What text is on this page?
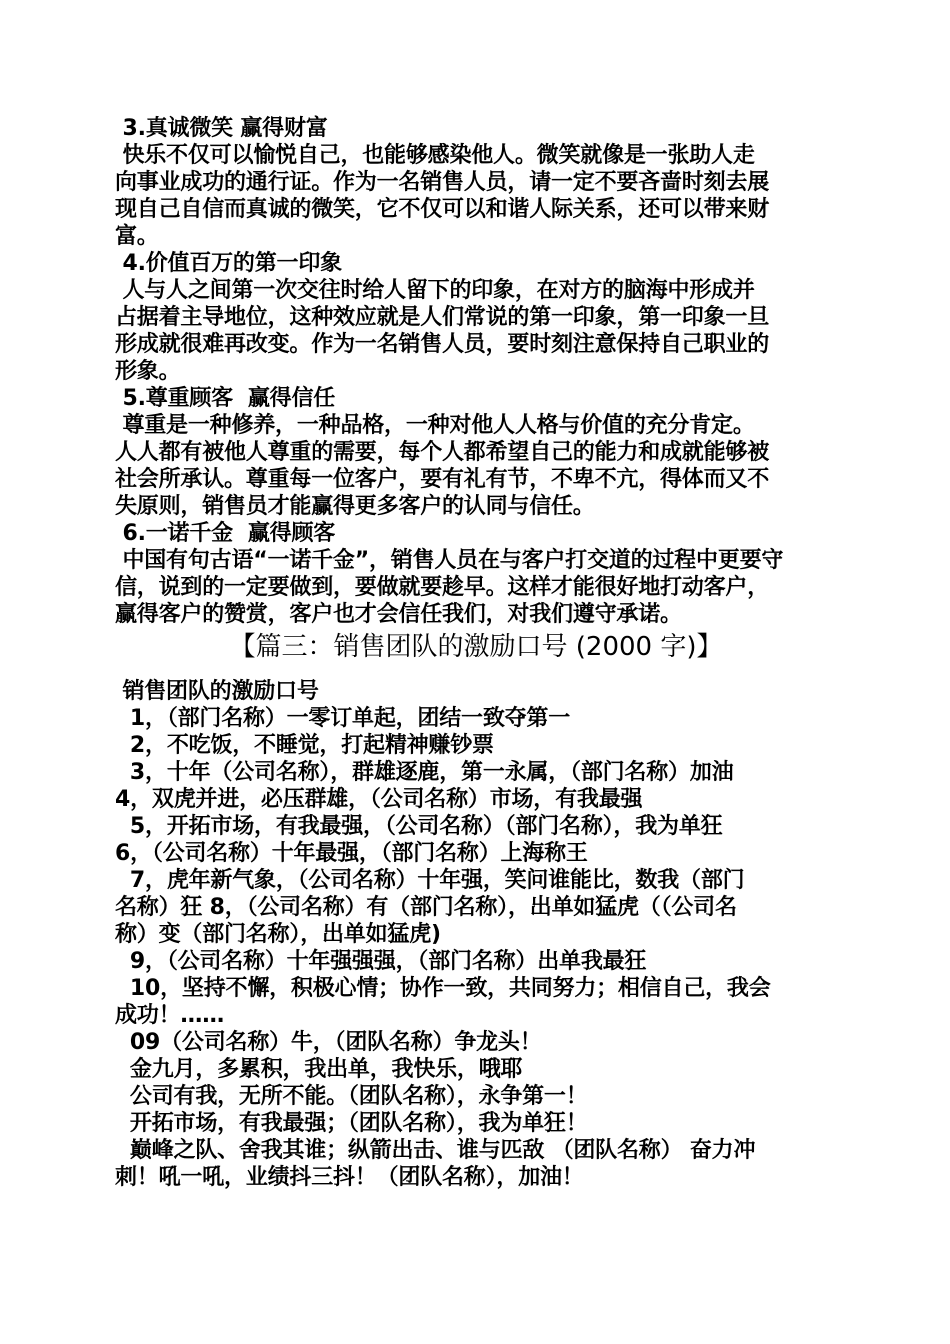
3.真诚微笑 赢得财富
快乐不仅可以愉悦自己，也能够感染他人。微笑就像是一张助人走
向事业成功的通行证。作为一名销售人员，请一定不要吝啬时刻去展
现自己自信而真诚的微笑，它不仅可以和谐人际关系，还可以带来财
富。
4.价值百万的第一印象
人与人之间第一次交往时给人留下的印象，在对方的脑海中形成并
占据着主导地位，这种效应就是人们常说的第一印象，第一印象一旦
形成就很难再改变。作为一名销售人员，要时刻注意保持自己职业的
形象。
5.尊重顾客  赢得信任
尊重是一种修养，一种品格，一种对他人人格与价值的充分肯定。
人人都有被他人尊重的需要，每个人都希望自己的能力和成就能够被
社会所承认。尊重每一位客户，要有礼有节，不卑不亢，得体而又不
失原则，销售员才能赢得更多客户的认同与信任。
6.一诺千金  赢得顾客
中国有句古语“一诺千金”，销售人员在与客户打交道的过程中更要守
信，说到的一定要做到，要做就要趁早。这样才能很好地打动客户，
赢得客户的赞赏，客户也才会信任我们，对我们遵守承诺。
【篇三：销售团队的激励口号 (2000 字)】
销售团队的激励口号
1，（部门名称）一零订单起，团结一致夺第一
2，不吃饭，不睡觉，打起精神赚钞票
3，十年（公司名称），群雄逐鹿，第一永属，（部门名称）加油
4，双虎并进，必压群雄，（公司名称）市场，有我最强
5，开拓市场，有我最强，（公司名称）（部门名称），我为单狂
6，（公司名称）十年最强，（部门名称）上海称王
7，虎年新气象，（公司名称）十年强，笑问谁能比，数我（部门
名称）狂 8，（公司名称）有（部门名称），出单如猛虎（（公司名
称）变（部门名称），出单如猛虎)
9，（公司名称）十年强强强，（部门名称）出单我最狂
10，坚持不懈，积极心情；协作一致，共同努力；相信自己，我会
成功！……
09（公司名称）牛，（团队名称）争龙头！
金九月，多累积，我出单，我快乐，哦耶
公司有我，无所不能。（团队名称），永争第一！
开拓市场，有我最强；（团队名称），我为单狂！
巅峰之队、舍我其谁；纵箭出击、谁与匹敌 （团队名称） 奋力冲
刺！吼一吼，业绩抖三抖！（团队名称），加油！
